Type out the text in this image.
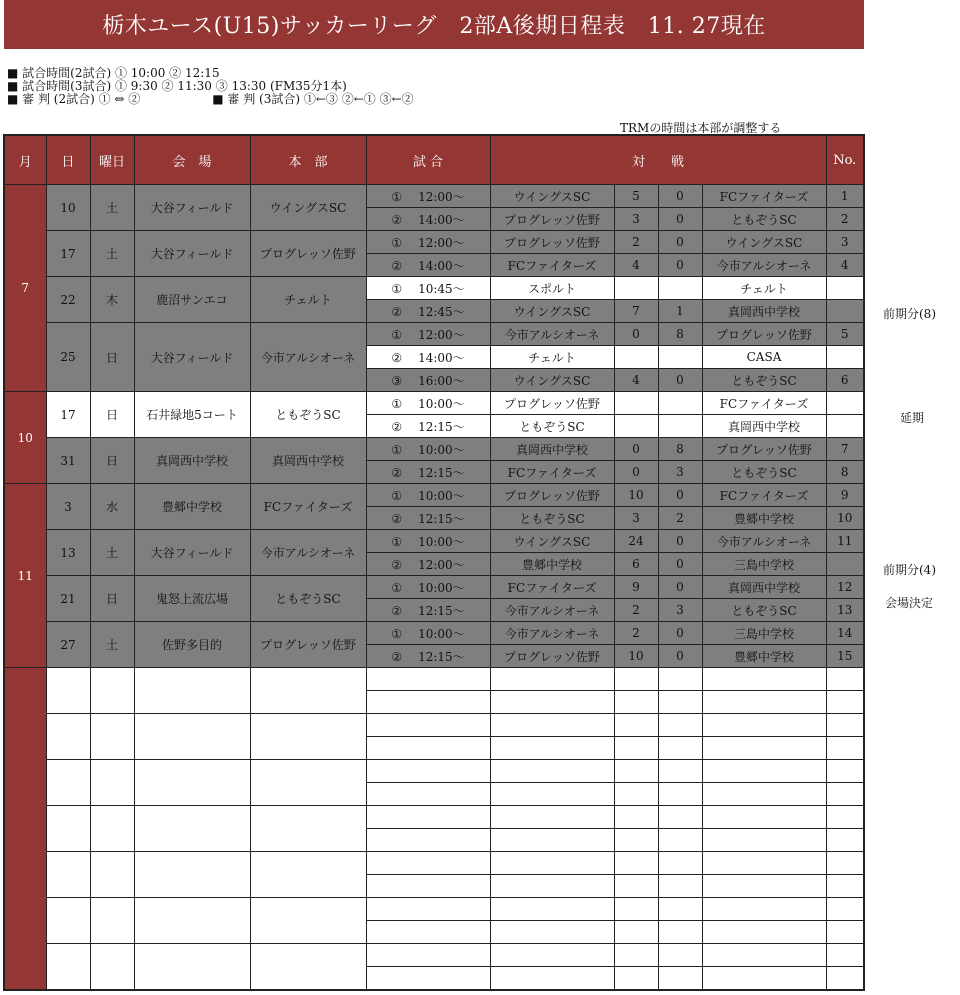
栃木ユース(U15)サッカーリーグ　2部A後期日程表　11. 27現在
■ 試合時間(2試合) ① 10:00 ② 12:15
■ 試合時間(3試合) ① 9:30 ② 11:30 ③ 13:30 (FM35分1本)
■ 審 判 (2試合) ① ⇔ ②　　　　　　■ 審 判 (3試合) ①←③ ②←① ③←②
TRMの時間は本部が調整する
月	日	曜日	会　場	本　部	試 合	対　　戦				No.
7	10	土	大谷フィールド	ウイングスSC	① 12:00〜	ウイングスSC	5	0	FCファイターズ	1
					② 14:00〜	プログレッソ佐野	3	0	ともぞうSC	2
	17	土	大谷フィールド	プログレッソ佐野	① 12:00〜	プログレッソ佐野	2	0	ウイングスSC	3
					② 14:00〜	FCファイターズ	4	0	今市アルシオーネ	4
	22	木	鹿沼サンエコ	チェルト	① 10:45〜	スポルト			チェルト	
					② 12:45〜	ウイングスSC	7	1	真岡西中学校	
	25	日	大谷フィールド	今市アルシオーネ	① 12:00〜	今市アルシオーネ	0	8	プログレッソ佐野	5
					② 14:00〜	チェルト			CASA	
					③ 16:00〜	ウイングスSC	4	0	ともぞうSC	6
10	17	日	石井緑地5コート	ともぞうSC	① 10:00〜	プログレッソ佐野			FCファイターズ	
					② 12:15〜	ともぞうSC			真岡西中学校	
	31	日	真岡西中学校	真岡西中学校	① 10:00〜	真岡西中学校	0	8	プログレッソ佐野	7
					② 12:15〜	FCファイターズ	0	3	ともぞうSC	8
11	3	水	豊郷中学校	FCファイターズ	① 10:00〜	プログレッソ佐野	10	0	FCファイターズ	9
					② 12:15〜	ともぞうSC	3	2	豊郷中学校	10
	13	土	大谷フィールド	今市アルシオーネ	① 10:00〜	ウイングスSC	24	0	今市アルシオーネ	11
					② 12:00〜	豊郷中学校	6	0	三島中学校	
	21	日	鬼怒上流広場	ともぞうSC	① 10:00〜	FCファイターズ	9	0	真岡西中学校	12
					② 12:15〜	今市アルシオーネ	2	3	ともぞうSC	13
	27	土	佐野多目的	プログレッソ佐野	① 10:00〜	今市アルシオーネ	2	0	三島中学校	14
					② 12:15〜	プログレッソ佐野	10	0	豊郷中学校	15

前期分(8)
延期
前期分(4)
会場決定
